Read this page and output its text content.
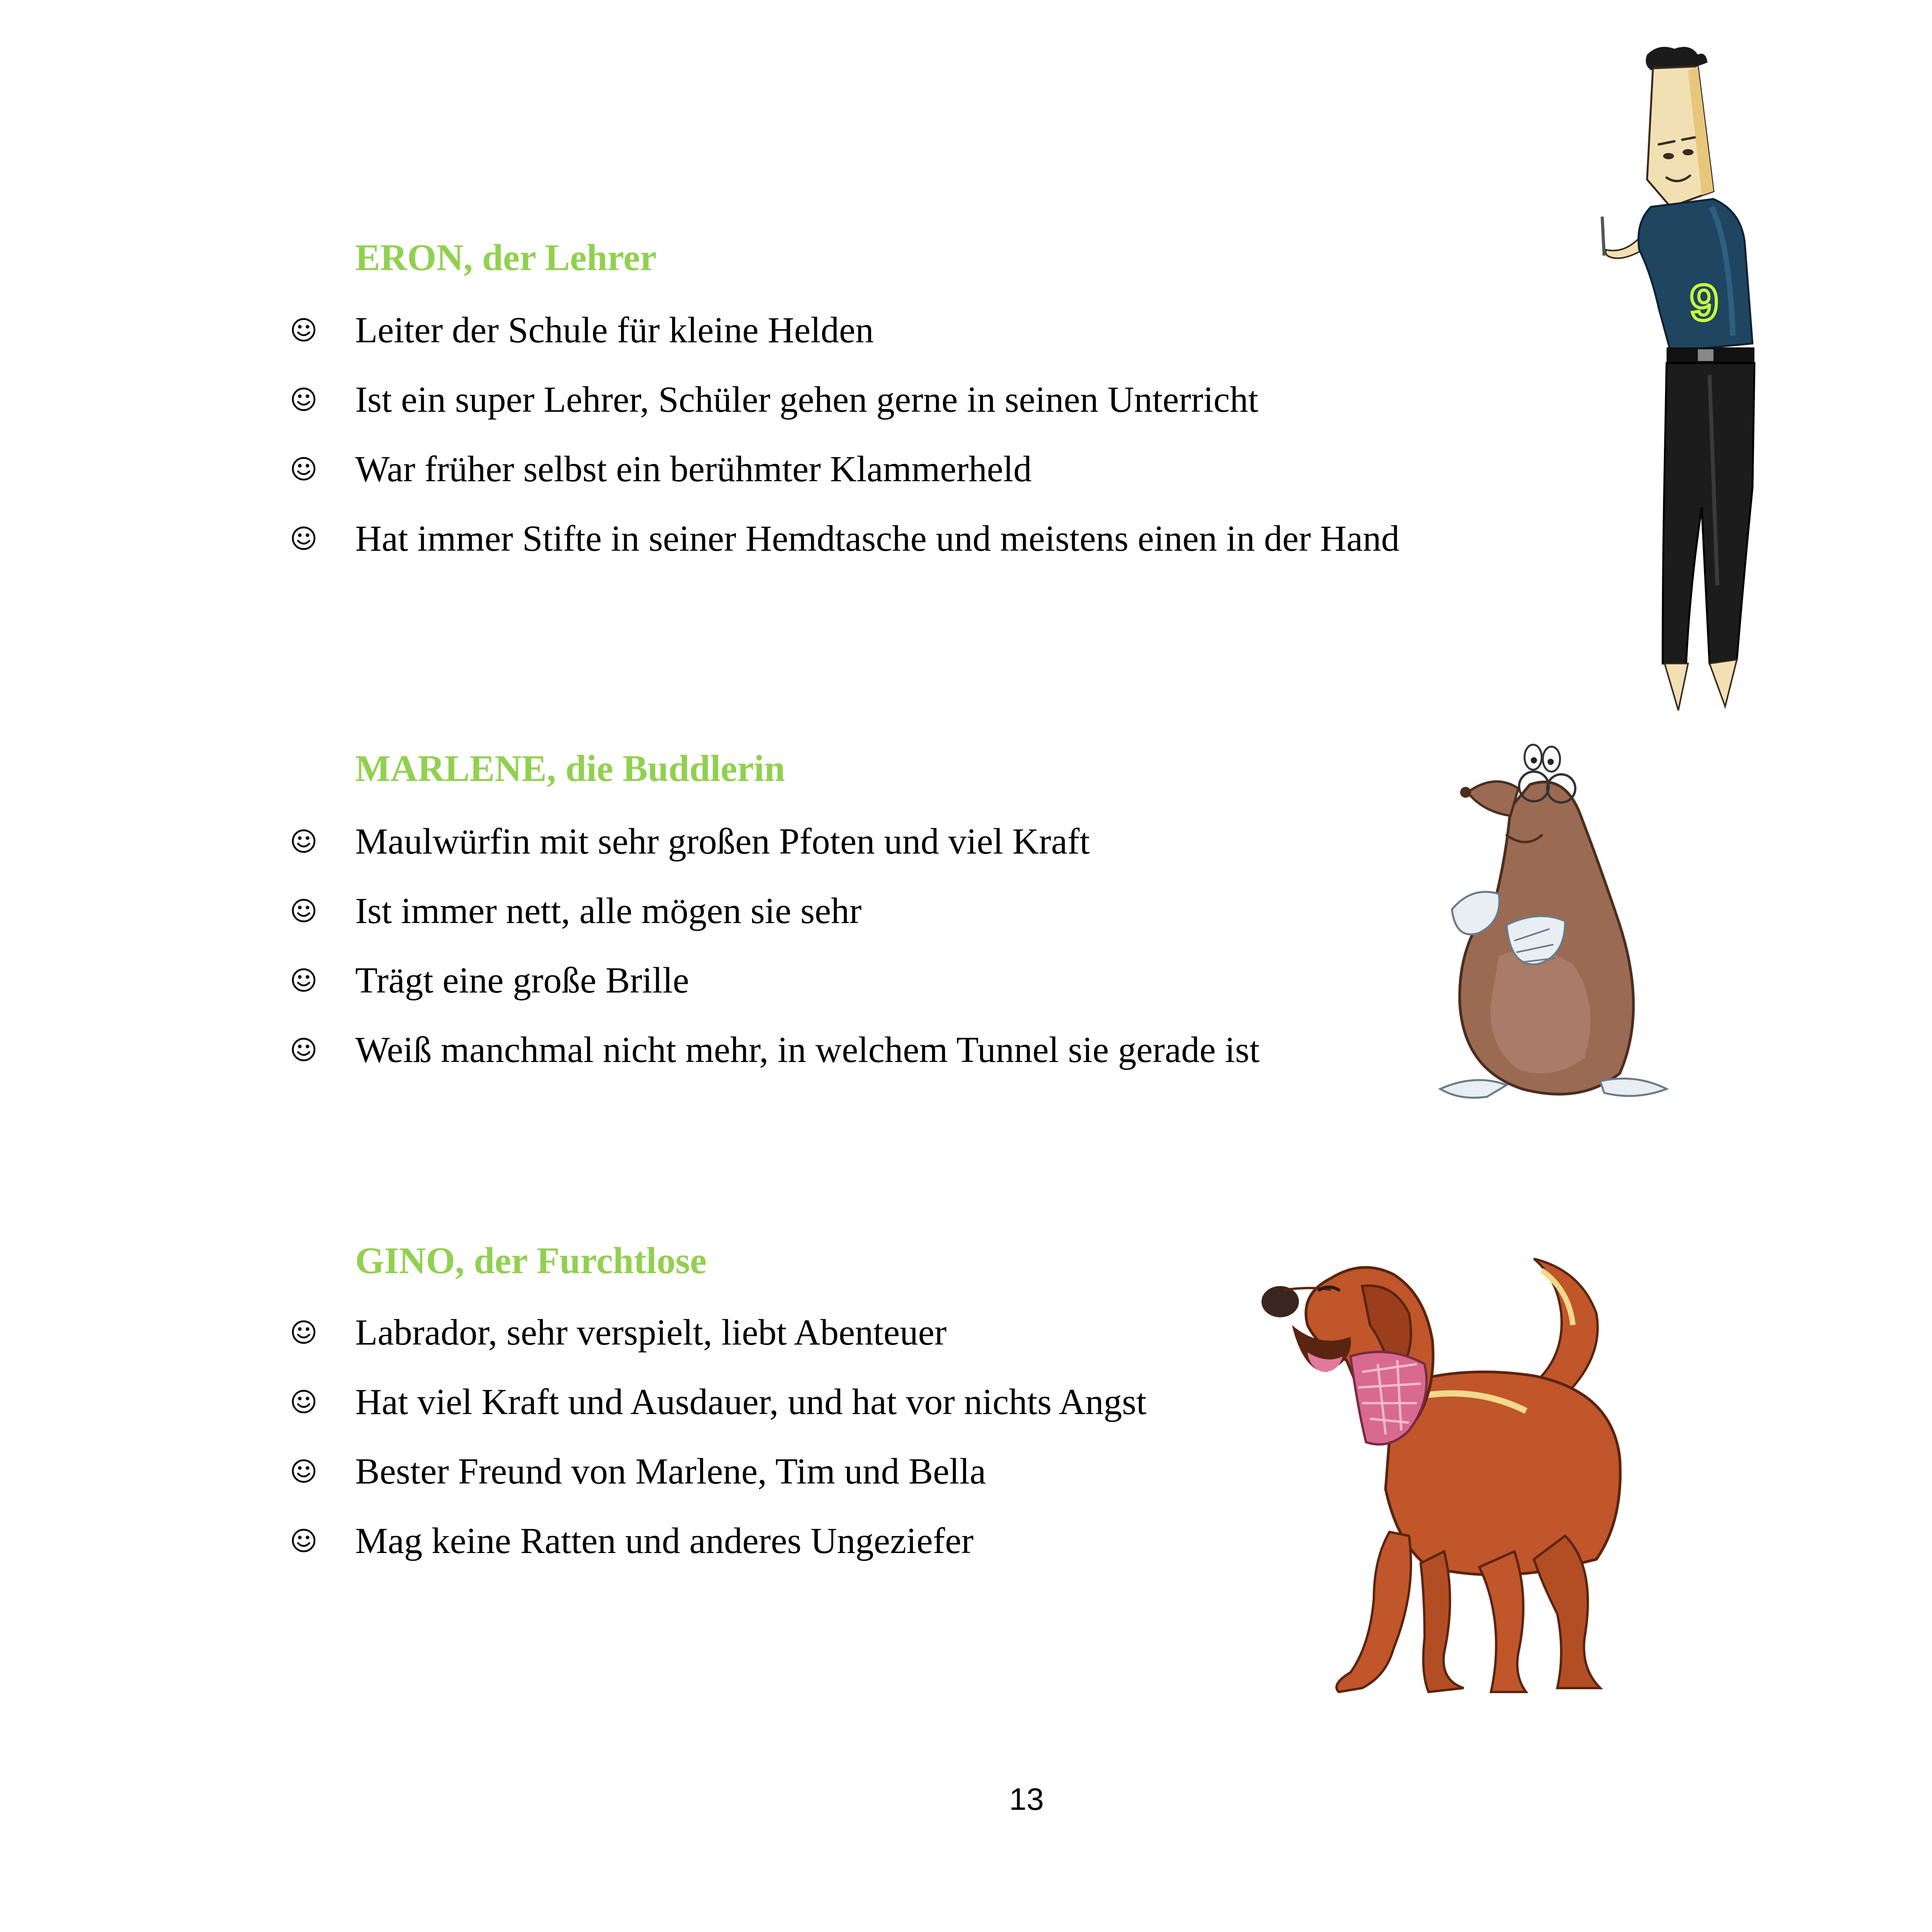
ERON, der Lehrer
Leiter der Schule für kleine Helden
Ist ein super Lehrer, Schüler gehen gerne in seinen Unterricht
War früher selbst ein berühmter Klammerheld
Hat immer Stifte in seiner Hemdtasche und meistens einen in der Hand
9
MARLENE, die Buddlerin
Maulwürfin mit sehr großen Pfoten und viel Kraft
Ist immer nett, alle mögen sie sehr
Trägt eine große Brille
Weiß manchmal nicht mehr, in welchem Tunnel sie gerade ist
GINO, der Furchtlose
Labrador, sehr verspielt, liebt Abenteuer
Hat viel Kraft und Ausdauer, und hat vor nichts Angst
Bester Freund von Marlene, Tim und Bella
Mag keine Ratten und anderes Ungeziefer
13
